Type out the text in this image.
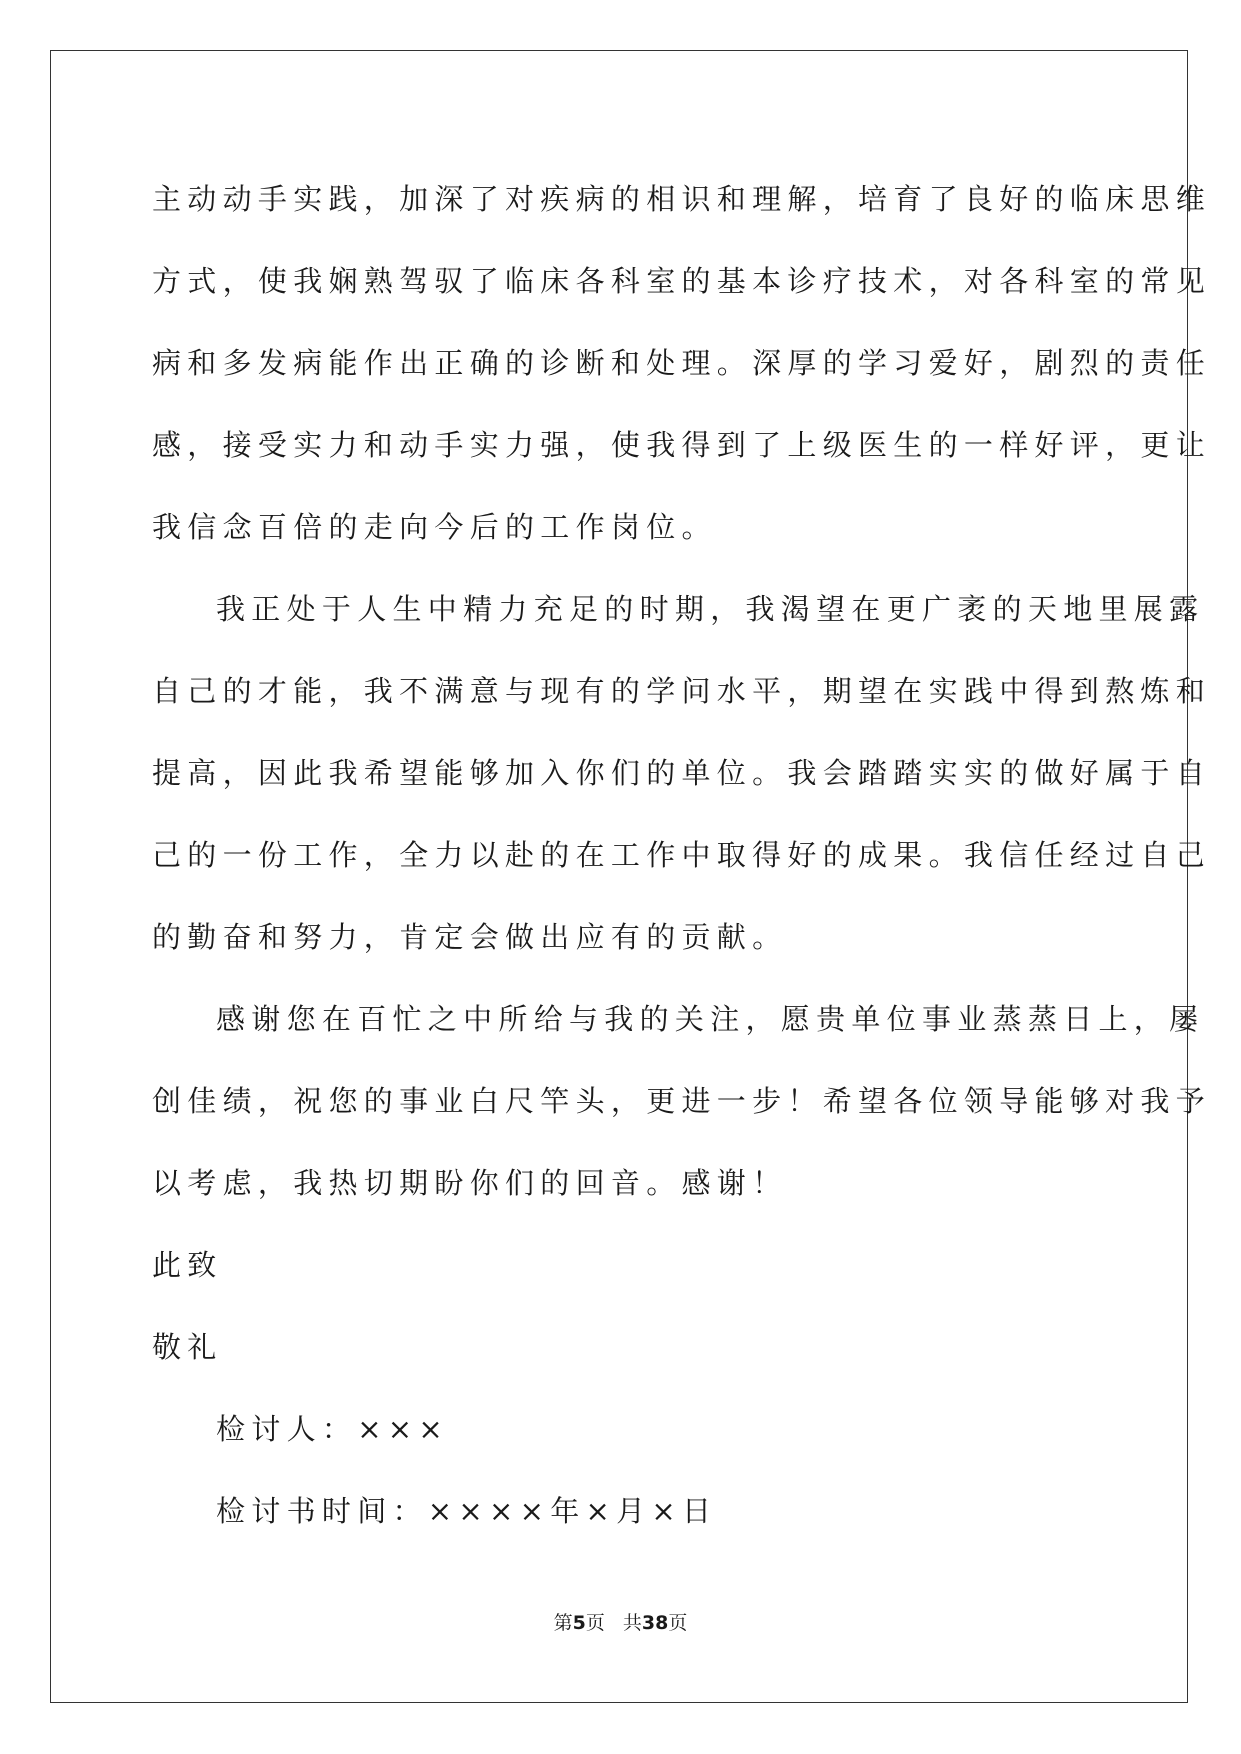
主动动手实践，加深了对疾病的相识和理解，培育了良好的临床思维
方式，使我娴熟驾驭了临床各科室的基本诊疗技术，对各科室的常见
病和多发病能作出正确的诊断和处理。深厚的学习爱好，剧烈的责任
感，接受实力和动手实力强，使我得到了上级医生的一样好评，更让
我信念百倍的走向今后的工作岗位。

我正处于人生中精力充足的时期，我渴望在更广袤的天地里展露
自己的才能，我不满意与现有的学问水平，期望在实践中得到熬炼和
提高，因此我希望能够加入你们的单位。我会踏踏实实的做好属于自
己的一份工作，全力以赴的在工作中取得好的成果。我信任经过自己
的勤奋和努力，肯定会做出应有的贡献。

感谢您在百忙之中所给与我的关注，愿贵单位事业蒸蒸日上，屡
创佳绩，祝您的事业白尺竿头，更进一步！希望各位领导能够对我予
以考虑，我热切期盼你们的回音。感谢！

此致

敬礼

检讨人：×××

检讨书时间：××××年×月×日

第5页 共38页
